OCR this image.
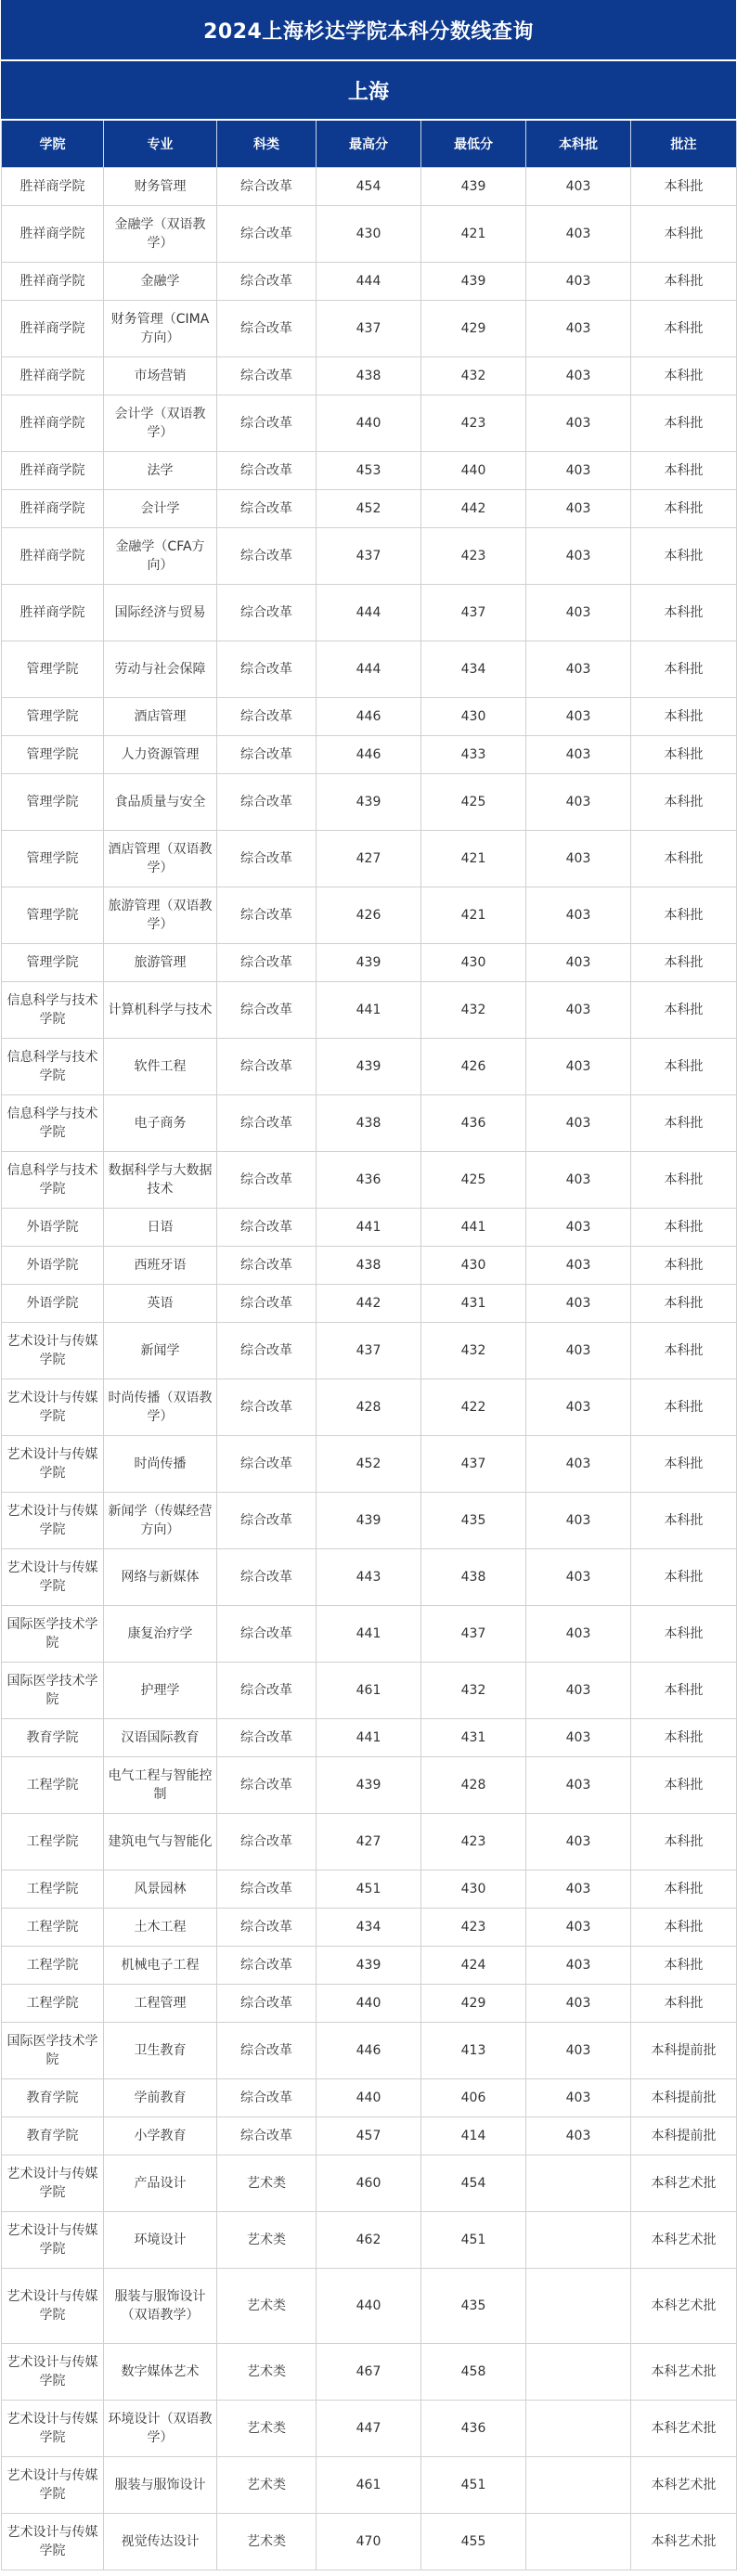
2024上海杉达学院本科分数线查询
上海
学院	专业	科类	最高分	最低分	本科批	批注
胜祥商学院	财务管理	综合改革	454	439	403	本科批
胜祥商学院	金融学（双语教学）	综合改革	430	421	403	本科批
胜祥商学院	金融学	综合改革	444	439	403	本科批
胜祥商学院	财务管理（CIMA方向）	综合改革	437	429	403	本科批
胜祥商学院	市场营销	综合改革	438	432	403	本科批
胜祥商学院	会计学（双语教学）	综合改革	440	423	403	本科批
胜祥商学院	法学	综合改革	453	440	403	本科批
胜祥商学院	会计学	综合改革	452	442	403	本科批
胜祥商学院	金融学（CFA方向）	综合改革	437	423	403	本科批
胜祥商学院	国际经济与贸易	综合改革	444	437	403	本科批
管理学院	劳动与社会保障	综合改革	444	434	403	本科批
管理学院	酒店管理	综合改革	446	430	403	本科批
管理学院	人力资源管理	综合改革	446	433	403	本科批
管理学院	食品质量与安全	综合改革	439	425	403	本科批
管理学院	酒店管理（双语教学）	综合改革	427	421	403	本科批
管理学院	旅游管理（双语教学）	综合改革	426	421	403	本科批
管理学院	旅游管理	综合改革	439	430	403	本科批
信息科学与技术学院	计算机科学与技术	综合改革	441	432	403	本科批
信息科学与技术学院	软件工程	综合改革	439	426	403	本科批
信息科学与技术学院	电子商务	综合改革	438	436	403	本科批
信息科学与技术学院	数据科学与大数据技术	综合改革	436	425	403	本科批
外语学院	日语	综合改革	441	441	403	本科批
外语学院	西班牙语	综合改革	438	430	403	本科批
外语学院	英语	综合改革	442	431	403	本科批
艺术设计与传媒学院	新闻学	综合改革	437	432	403	本科批
艺术设计与传媒学院	时尚传播（双语教学）	综合改革	428	422	403	本科批
艺术设计与传媒学院	时尚传播	综合改革	452	437	403	本科批
艺术设计与传媒学院	新闻学（传媒经营方向）	综合改革	439	435	403	本科批
艺术设计与传媒学院	网络与新媒体	综合改革	443	438	403	本科批
国际医学技术学院	康复治疗学	综合改革	441	437	403	本科批
国际医学技术学院	护理学	综合改革	461	432	403	本科批
教育学院	汉语国际教育	综合改革	441	431	403	本科批
工程学院	电气工程与智能控制	综合改革	439	428	403	本科批
工程学院	建筑电气与智能化	综合改革	427	423	403	本科批
工程学院	风景园林	综合改革	451	430	403	本科批
工程学院	土木工程	综合改革	434	423	403	本科批
工程学院	机械电子工程	综合改革	439	424	403	本科批
工程学院	工程管理	综合改革	440	429	403	本科批
国际医学技术学院	卫生教育	综合改革	446	413	403	本科提前批
教育学院	学前教育	综合改革	440	406	403	本科提前批
教育学院	小学教育	综合改革	457	414	403	本科提前批
艺术设计与传媒学院	产品设计	艺术类	460	454		本科艺术批
艺术设计与传媒学院	环境设计	艺术类	462	451		本科艺术批
艺术设计与传媒学院	服装与服饰设计（双语教学）	艺术类	440	435		本科艺术批
艺术设计与传媒学院	数字媒体艺术	艺术类	467	458		本科艺术批
艺术设计与传媒学院	环境设计（双语教学）	艺术类	447	436		本科艺术批
艺术设计与传媒学院	服装与服饰设计	艺术类	461	451		本科艺术批
艺术设计与传媒学院	视觉传达设计	艺术类	470	455		本科艺术批
